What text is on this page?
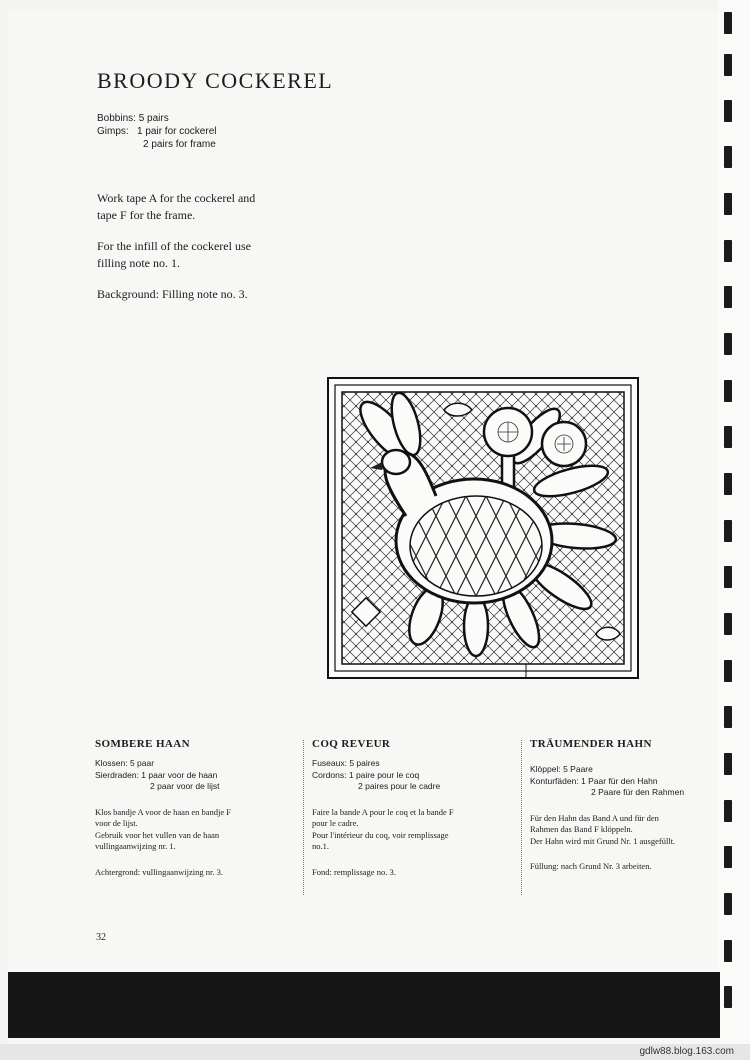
BROODY COCKEREL
Bobbins: 5 pairs
Gimps:   1 pair for cockerel
2 pairs for frame
Work tape A for the cockerel and
tape F for the frame.
For the infill of the cockerel use
filling note no. 1.
Background: Filling note no. 3.
SOMBERE HAAN
Klossen: 5 paar
Sierdraden: 1 paar voor de haan
2 paar voor de lijst
Klos bandje A voor de haan en bandje F
voor de lijst.
Gebruik voor het vullen van de haan
vullingaanwijzing nr. 1.
Achtergrond: vullingaanwijzing nr. 3.
COQ REVEUR
Fuseaux: 5 paires
Cordons: 1 paire pour le coq
2 paires pour le cadre
Faire la bande A pour le coq et la bande F
pour le cadre.
Pour l'intérieur du coq, voir remplissage
no.1.
Fond: remplissage no. 3.
TRÄUMENDER HAHN
Klöppel: 5 Paare
Konturfäden: 1 Paar für den Hahn
2 Paare für den Rahmen
Für den Hahn das Band A und für den
Rahmen das Band F klöppeln.
Der Hahn wird mit Grund Nr. 1 ausgefüllt.
Füllung: nach Grund Nr. 3 arbeiten.
32
gdlw88.blog.163.com
